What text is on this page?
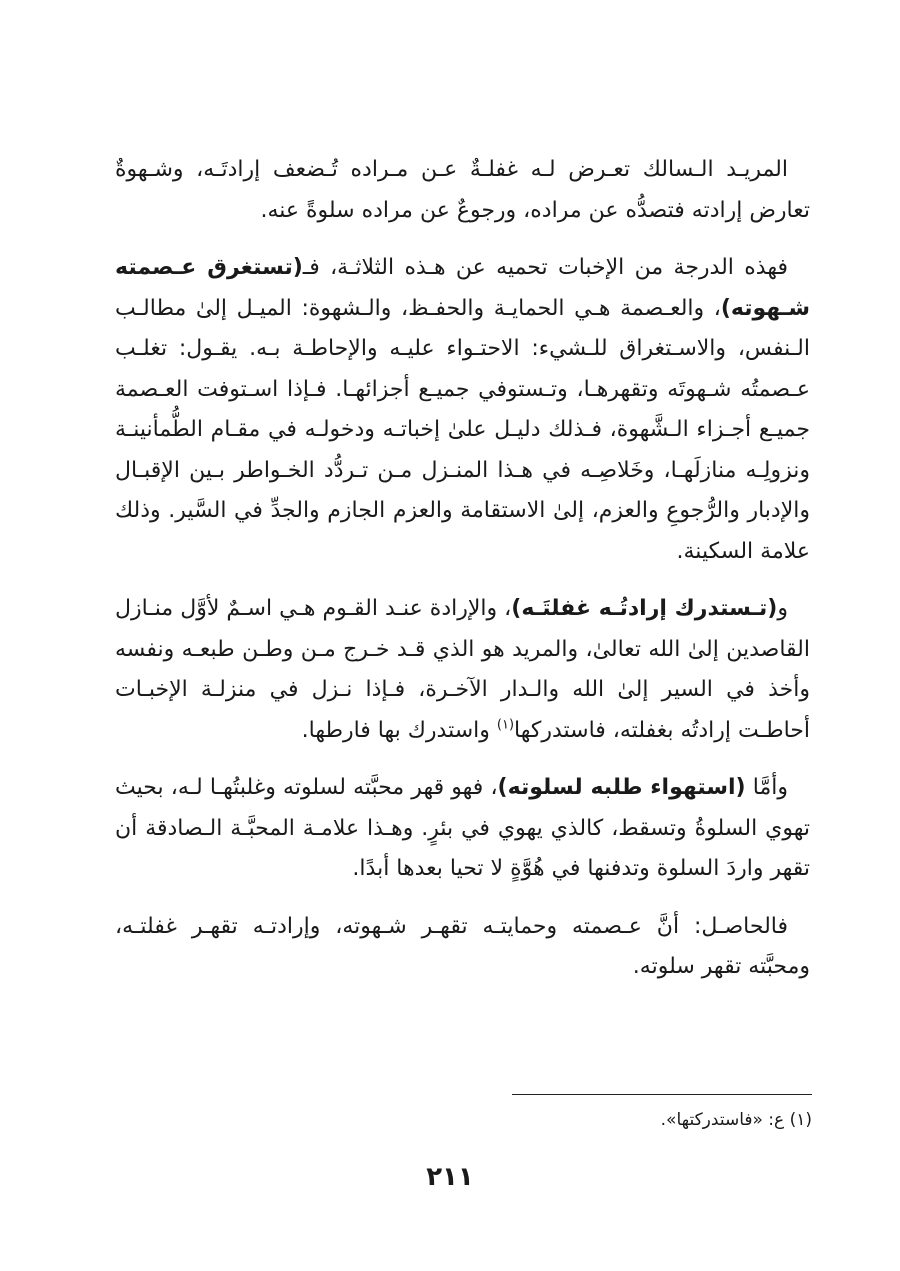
المريـد الـسالك تعـرض لـه غفلـةٌ عـن مـراده تُـضعف إرادتَـه، وشـهوةٌ تعارض إرادته فتصدُّه عن مراده، ورجوعٌ عن مراده سلوةً عنه.

فهذه الدرجة من الإخبات تحميه عن هـذه الثلاثـة، فـ(تستغرق عـصمته شـهوته)، والعـصمة هـي الحمايـة والحفـظ، والـشهوة: الميـل إلىٰ مطالـب الـنفس، والاسـتغراق للـشيء: الاحتـواء عليـه والإحاطـة بـه. يقـول: تغلـب عـصمتُه شـهوتَه وتقهرهـا، وتـستوفي جميـع أجزائهـا. فـإذا اسـتوفت العـصمة جميـع أجـزاء الـشَّهوة، فـذلك دليـل علىٰ إخباتـه ودخولـه في مقـام الطُّمأنينـة ونزولِـه منازلَهـا، وخَلاصِـه في هـذا المنـزل مـن تـردُّد الخـواطر بـين الإقبـال والإدبار والرُّجوعِ والعزم، إلىٰ الاستقامة والعزم الجازم والجدِّ في السَّير. وذلك علامة السكينة.

و(تـستدرك إرادتُـه غفلتَـه)، والإرادة عنـد القـوم هـي اسـمٌ لأوَّل منـازل القاصدين إلىٰ الله تعالىٰ، والمريد هو الذي قـد خـرج مـن وطـن طبعـه ونفسه وأخذ في السير إلىٰ الله والـدار الآخـرة، فـإذا نـزل في منزلـة الإخبـات أحاطـت إرادتُه بغفلته، فاستدركها$^{(١)}$ واستدرك بها فارطها.

وأمَّا (استهواء طلبه لسلوته)، فهو قهر محبَّته لسلوته وغلبتُهـا لـه، بحيث تهوي السلوةُ وتسقط، كالذي يهوي في بئرٍ. وهـذا علامـة المحبَّـة الـصادقة أن تقهر واردَ السلوة وتدفنها في هُوَّةٍ لا تحيا بعدها أبدًا.

فالحاصـل: أنَّ عـصمته وحمايتـه تقهـر شـهوته، وإرادتـه تقهـر غفلتـه، ومحبَّته تقهر سلوته.

(١) ع: «فاستدركتها».
٢١١
